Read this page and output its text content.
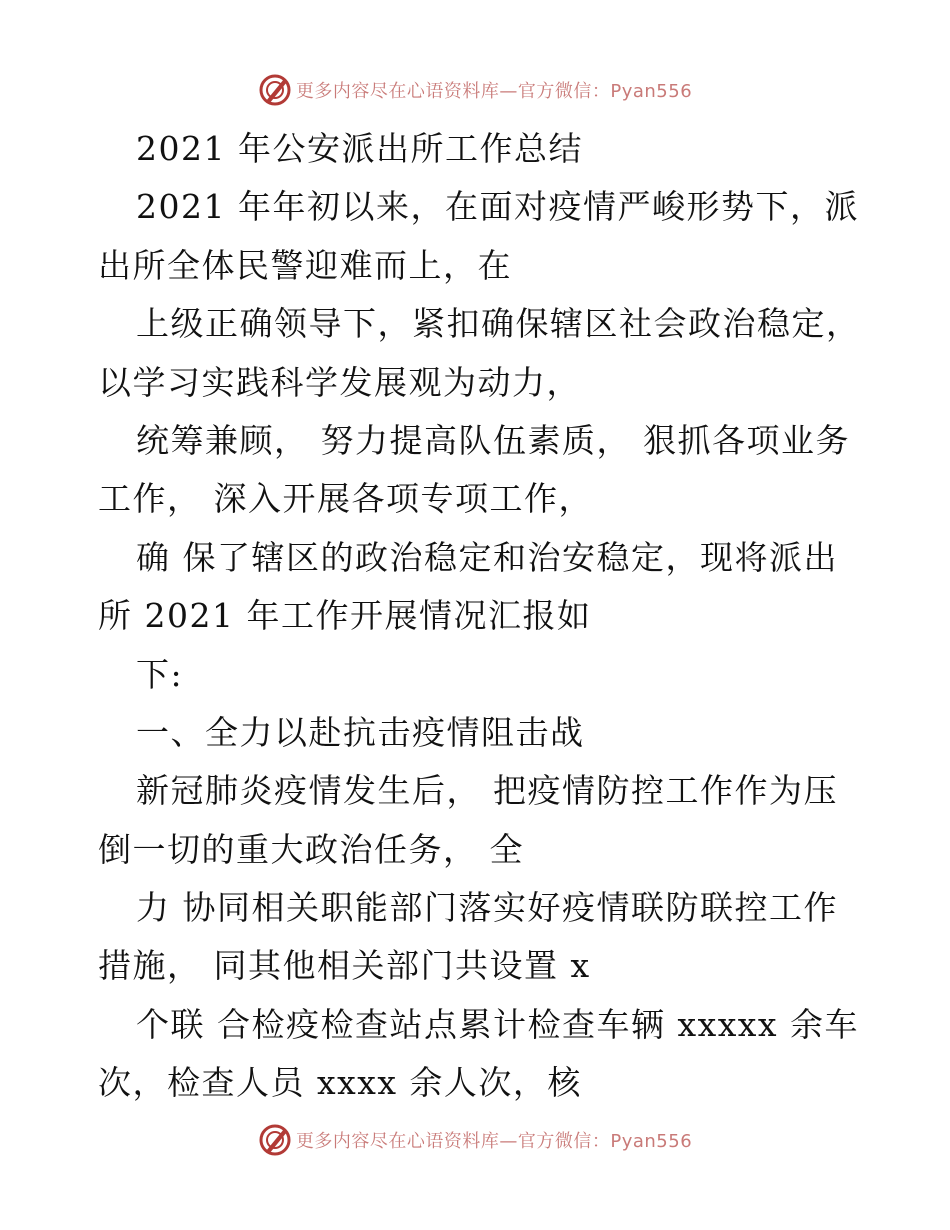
更多内容尽在心语资料库—官方微信：Pyan556
2021 年公安派出所工作总结
2021 年年初以来，在面对疫情严峻形势下，派
出所全体民警迎难而上，在
上级正确领导下，紧扣确保辖区社会政治稳定，
以学习实践科学发展观为动力，
统筹兼顾， 努力提高队伍素质， 狠抓各项业务
工作， 深入开展各项专项工作，
确 保了辖区的政治稳定和治安稳定，现将派出
所 2021 年工作开展情况汇报如
下:
一、全力以赴抗击疫情阻击战
新冠肺炎疫情发生后， 把疫情防控工作作为压
倒一切的重大政治任务， 全
力 协同相关职能部门落实好疫情联防联控工作
措施， 同其他相关部门共设置 x
个联 合检疫检查站点累计检查车辆 xxxxx 余车
次，检查人员 xxxx 余人次，核
更多内容尽在心语资料库—官方微信：Pyan556
